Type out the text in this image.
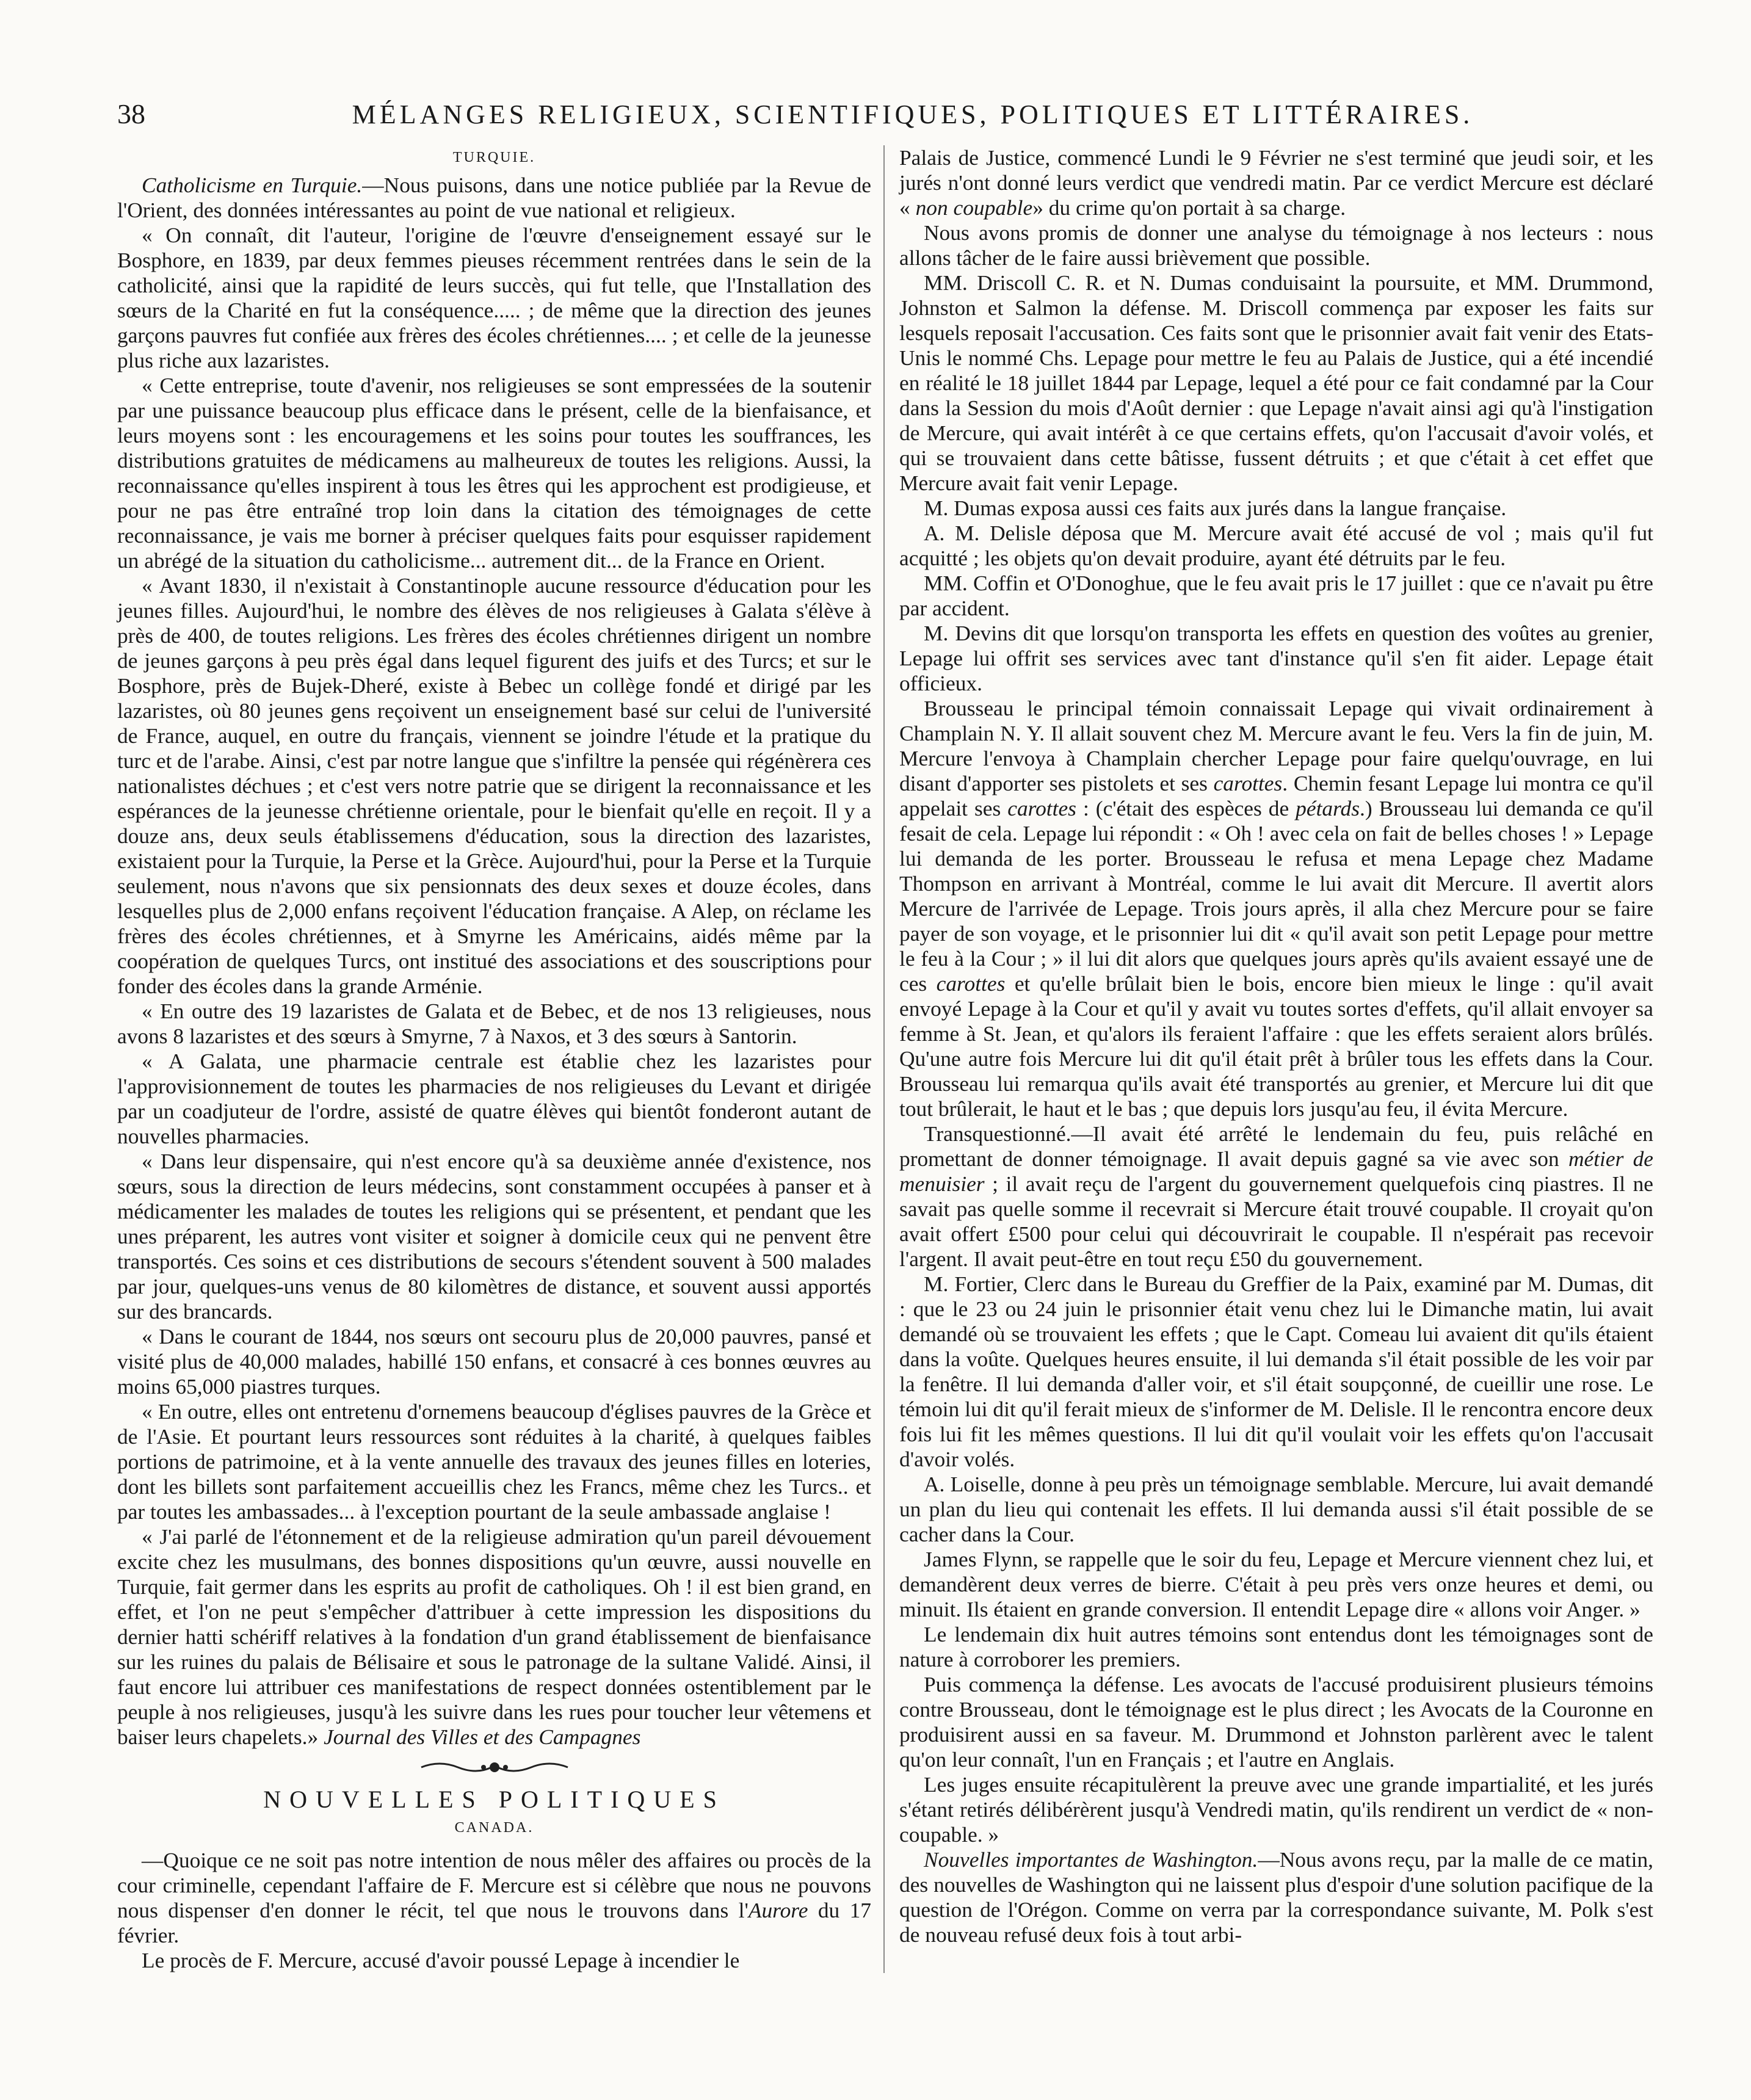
38	MÉLANGES RELIGIEUX, SCIENTIFIQUES, POLITIQUES ET LITTÉRAIRES.
TURQUIE.

Catholicisme en Turquie.—Nous puisons, dans une notice publiée par la Revue de l'Orient, des données intéressantes au point de vue national et religieux.

« On connaît, dit l'auteur, l'origine de l'œuvre d'enseignement essayé sur le Bosphore, en 1839, par deux femmes pieuses récemment rentrées dans le sein de la catholicité, ainsi que la rapidité de leurs succès, qui fut telle, que l'Installation des sœurs de la Charité en fut la conséquence..... ; de même que la direction des jeunes garçons pauvres fut confiée aux frères des écoles chrétiennes.... ; et celle de la jeunesse plus riche aux lazaristes.

« Cette entreprise, toute d'avenir, nos religieuses se sont empressées de la soutenir par une puissance beaucoup plus efficace dans le présent, celle de la bienfaisance, et leurs moyens sont : les encouragemens et les soins pour toutes les souffrances, les distributions gratuites de médicamens au malheureux de toutes les religions. Aussi, la reconnaissance qu'elles inspirent à tous les êtres qui les approchent est prodigieuse, et pour ne pas être entraîné trop loin dans la citation des témoignages de cette reconnaissance, je vais me borner à préciser quelques faits pour esquisser rapidement un abrégé de la situation du catholicisme... autrement dit... de la France en Orient.

« Avant 1830, il n'existait à Constantinople aucune ressource d'éducation pour les jeunes filles. Aujourd'hui, le nombre des élèves de nos religieuses à Galata s'élève à près de 400, de toutes religions. Les frères des écoles chrétiennes dirigent un nombre de jeunes garçons à peu près égal dans lequel figurent des juifs et des Turcs; et sur le Bosphore, près de Bujek-Dheré, existe à Bebec un collège fondé et dirigé par les lazaristes, où 80 jeunes gens reçoivent un enseignement basé sur celui de l'université de France, auquel, en outre du français, viennent se joindre l'étude et la pratique du turc et de l'arabe. Ainsi, c'est par notre langue que s'infiltre la pensée qui régénèrera ces nationalistes déchues ; et c'est vers notre patrie que se dirigent la reconnaissance et les espérances de la jeunesse chrétienne orientale, pour le bienfait qu'elle en reçoit. Il y a douze ans, deux seuls établissemens d'éducation, sous la direction des lazaristes, existaient pour la Turquie, la Perse et la Grèce. Aujourd'hui, pour la Perse et la Turquie seulement, nous n'avons que six pensionnats des deux sexes et douze écoles, dans lesquelles plus de 2,000 enfans reçoivent l'éducation française. A Alep, on réclame les frères des écoles chrétiennes, et à Smyrne les Américains, aidés même par la coopération de quelques Turcs, ont institué des associations et des souscriptions pour fonder des écoles dans la grande Arménie.

« En outre des 19 lazaristes de Galata et de Bebec, et de nos 13 religieuses, nous avons 8 lazaristes et des sœurs à Smyrne, 7 à Naxos, et 3 des sœurs à Santorin.

« A Galata, une pharmacie centrale est établie chez les lazaristes pour l'approvisionnement de toutes les pharmacies de nos religieuses du Levant et dirigée par un coadjuteur de l'ordre, assisté de quatre élèves qui bientôt fonderont autant de nouvelles pharmacies.

« Dans leur dispensaire, qui n'est encore qu'à sa deuxième année d'existence, nos sœurs, sous la direction de leurs médecins, sont constamment occupées à panser et à médicamenter les malades de toutes les religions qui se présentent, et pendant que les unes préparent, les autres vont visiter et soigner à domicile ceux qui ne penvent être transportés. Ces soins et ces distributions de secours s'étendent souvent à 500 malades par jour, quelques-uns venus de 80 kilomètres de distance, et souvent aussi apportés sur des brancards.

« Dans le courant de 1844, nos sœurs ont secouru plus de 20,000 pauvres, pansé et visité plus de 40,000 malades, habillé 150 enfans, et consacré à ces bonnes œuvres au moins 65,000 piastres turques.

« En outre, elles ont entretenu d'ornemens beaucoup d'églises pauvres de la Grèce et de l'Asie. Et pourtant leurs ressources sont réduites à la charité, à quelques faibles portions de patrimoine, et à la vente annuelle des travaux des jeunes filles en loteries, dont les billets sont parfaitement accueillis chez les Francs, même chez les Turcs.. et par toutes les ambassades... à l'exception pourtant de la seule ambassade anglaise !

« J'ai parlé de l'étonnement et de la religieuse admiration qu'un pareil dévouement excite chez les musulmans, des bonnes dispositions qu'un œuvre, aussi nouvelle en Turquie, fait germer dans les esprits au profit de catholiques. Oh ! il est bien grand, en effet, et l'on ne peut s'empêcher d'attribuer à cette impression les dispositions du dernier hatti schériff relatives à la fondation d'un grand établissement de bienfaisance sur les ruines du palais de Bélisaire et sous le patronage de la sultane Validé. Ainsi, il faut encore lui attribuer ces manifestations de respect données ostentiblement par le peuple à nos religieuses, jusqu'à les suivre dans les rues pour toucher leur vêtemens et baiser leurs chapelets.» Journal des Villes et des Campagnes

NOUVELLES POLITIQUES
CANADA.

—Quoique ce ne soit pas notre intention de nous mêler des affaires ou procès de la cour criminelle, cependant l'affaire de F. Mercure est si célèbre que nous ne pouvons nous dispenser d'en donner le récit, tel que nous le trouvons dans l'Aurore du 17 février.

Le procès de F. Mercure, accusé d'avoir poussé Lepage à incendier le

Palais de Justice, commencé Lundi le 9 Février ne s'est terminé que jeudi soir, et les jurés n'ont donné leurs verdict que vendredi matin. Par ce verdict Mercure est déclaré « non coupable» du crime qu'on portait à sa charge.

Nous avons promis de donner une analyse du témoignage à nos lecteurs : nous allons tâcher de le faire aussi brièvement que possible.

MM. Driscoll C. R. et N. Dumas conduisaint la poursuite, et MM. Drummond, Johnston et Salmon la défense. M. Driscoll commença par exposer les faits sur lesquels reposait l'accusation. Ces faits sont que le prisonnier avait fait venir des Etats-Unis le nommé Chs. Lepage pour mettre le feu au Palais de Justice, qui a été incendié en réalité le 18 juillet 1844 par Lepage, lequel a été pour ce fait condamné par la Cour dans la Session du mois d'Août dernier : que Lepage n'avait ainsi agi qu'à l'instigation de Mercure, qui avait intérêt à ce que certains effets, qu'on l'accusait d'avoir volés, et qui se trouvaient dans cette bâtisse, fussent détruits ; et que c'était à cet effet que Mercure avait fait venir Lepage.

M. Dumas exposa aussi ces faits aux jurés dans la langue française.

A. M. Delisle déposa que M. Mercure avait été accusé de vol ; mais qu'il fut acquitté ; les objets qu'on devait produire, ayant été détruits par le feu.

MM. Coffin et O'Donoghue, que le feu avait pris le 17 juillet : que ce n'avait pu être par accident.

M. Devins dit que lorsqu'on transporta les effets en question des voûtes au grenier, Lepage lui offrit ses services avec tant d'instance qu'il s'en fit aider. Lepage était officieux.

Brousseau le principal témoin connaissait Lepage qui vivait ordinairement à Champlain N. Y. Il allait souvent chez M. Mercure avant le feu. Vers la fin de juin, M. Mercure l'envoya à Champlain chercher Lepage pour faire quelqu'ouvrage, en lui disant d'apporter ses pistolets et ses carottes. Chemin fesant Lepage lui montra ce qu'il appelait ses carottes : (c'était des espèces de pétards.) Brousseau lui demanda ce qu'il fesait de cela. Lepage lui répondit : « Oh ! avec cela on fait de belles choses ! » Lepage lui demanda de les porter. Brousseau le refusa et mena Lepage chez Madame Thompson en arrivant à Montréal, comme le lui avait dit Mercure. Il avertit alors Mercure de l'arrivée de Lepage. Trois jours après, il alla chez Mercure pour se faire payer de son voyage, et le prisonnier lui dit « qu'il avait son petit Lepage pour mettre le feu à la Cour ; » il lui dit alors que quelques jours après qu'ils avaient essayé une de ces carottes et qu'elle brûlait bien le bois, encore bien mieux le linge : qu'il avait envoyé Lepage à la Cour et qu'il y avait vu toutes sortes d'effets, qu'il allait envoyer sa femme à St. Jean, et qu'alors ils feraient l'affaire : que les effets seraient alors brûlés. Qu'une autre fois Mercure lui dit qu'il était prêt à brûler tous les effets dans la Cour. Brousseau lui remarqua qu'ils avait été transportés au grenier, et Mercure lui dit que tout brûlerait, le haut et le bas ; que depuis lors jusqu'au feu, il évita Mercure.

Transquestionné.—Il avait été arrêté le lendemain du feu, puis relâché en promettant de donner témoignage. Il avait depuis gagné sa vie avec son métier de menuisier ; il avait reçu de l'argent du gouvernement quelquefois cinq piastres. Il ne savait pas quelle somme il recevrait si Mercure était trouvé coupable. Il croyait qu'on avait offert £500 pour celui qui découvrirait le coupable. Il n'espérait pas recevoir l'argent. Il avait peut-être en tout reçu £50 du gouvernement.

M. Fortier, Clerc dans le Bureau du Greffier de la Paix, examiné par M. Dumas, dit : que le 23 ou 24 juin le prisonnier était venu chez lui le Dimanche matin, lui avait demandé où se trouvaient les effets ; que le Capt. Comeau lui avaient dit qu'ils étaient dans la voûte. Quelques heures ensuite, il lui demanda s'il était possible de les voir par la fenêtre. Il lui demanda d'aller voir, et s'il était soupçonné, de cueillir une rose. Le témoin lui dit qu'il ferait mieux de s'informer de M. Delisle. Il le rencontra encore deux fois lui fit les mêmes questions. Il lui dit qu'il voulait voir les effets qu'on l'accusait d'avoir volés.

A. Loiselle, donne à peu près un témoignage semblable. Mercure, lui avait demandé un plan du lieu qui contenait les effets. Il lui demanda aussi s'il était possible de se cacher dans la Cour.

James Flynn, se rappelle que le soir du feu, Lepage et Mercure viennent chez lui, et demandèrent deux verres de bierre. C'était à peu près vers onze heures et demi, ou minuit. Ils étaient en grande conversion. Il entendit Lepage dire « allons voir Anger. »

Le lendemain dix huit autres témoins sont entendus dont les témoignages sont de nature à corroborer les premiers.

Puis commença la défense. Les avocats de l'accusé produisirent plusieurs témoins contre Brousseau, dont le témoignage est le plus direct ; les Avocats de la Couronne en produisirent aussi en sa faveur. M. Drummond et Johnston parlèrent avec le talent qu'on leur connaît, l'un en Français ; et l'autre en Anglais.

Les juges ensuite récapitulèrent la preuve avec une grande impartialité, et les jurés s'étant retirés délibérèrent jusqu'à Vendredi matin, qu'ils rendirent un verdict de « non-coupable. »

Nouvelles importantes de Washington.—Nous avons reçu, par la malle de ce matin, des nouvelles de Washington qui ne laissent plus d'espoir d'une solution pacifique de la question de l'Orégon. Comme on verra par la correspondance suivante, M. Polk s'est de nouveau refusé deux fois à tout arbi-
